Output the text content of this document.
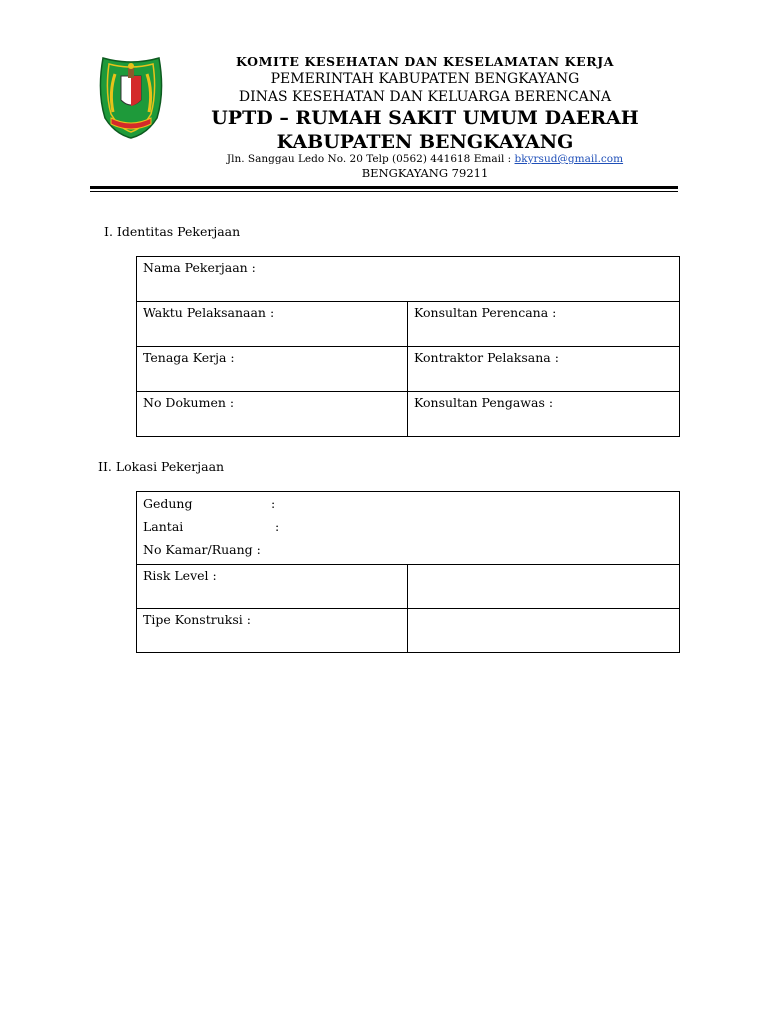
KOMITE KESEHATAN DAN KESELAMATAN KERJA
PEMERINTAH KABUPATEN BENGKAYANG
DINAS KESEHATAN DAN KELUARGA BERENCANA
UPTD – RUMAH SAKIT UMUM DAERAH
KABUPATEN BENGKAYANG
Jln. Sanggau Ledo No. 20 Telp (0562) 441618 Email : bkyrsud@gmail.com
BENGKAYANG 79211
I. Identitas Pekerjaan
Nama Pekerjaan :	
Waktu Pelaksanaan :	Konsultan Perencana :
Tenaga Kerja :	Kontraktor Pelaksana :
No Dokumen :	Konsultan Pengawas :
II. Lokasi Pekerjaan
Gedung :
Lantai :
No Kamar/Ruang :	

Risk Level :	
Tipe Konstruksi :	
